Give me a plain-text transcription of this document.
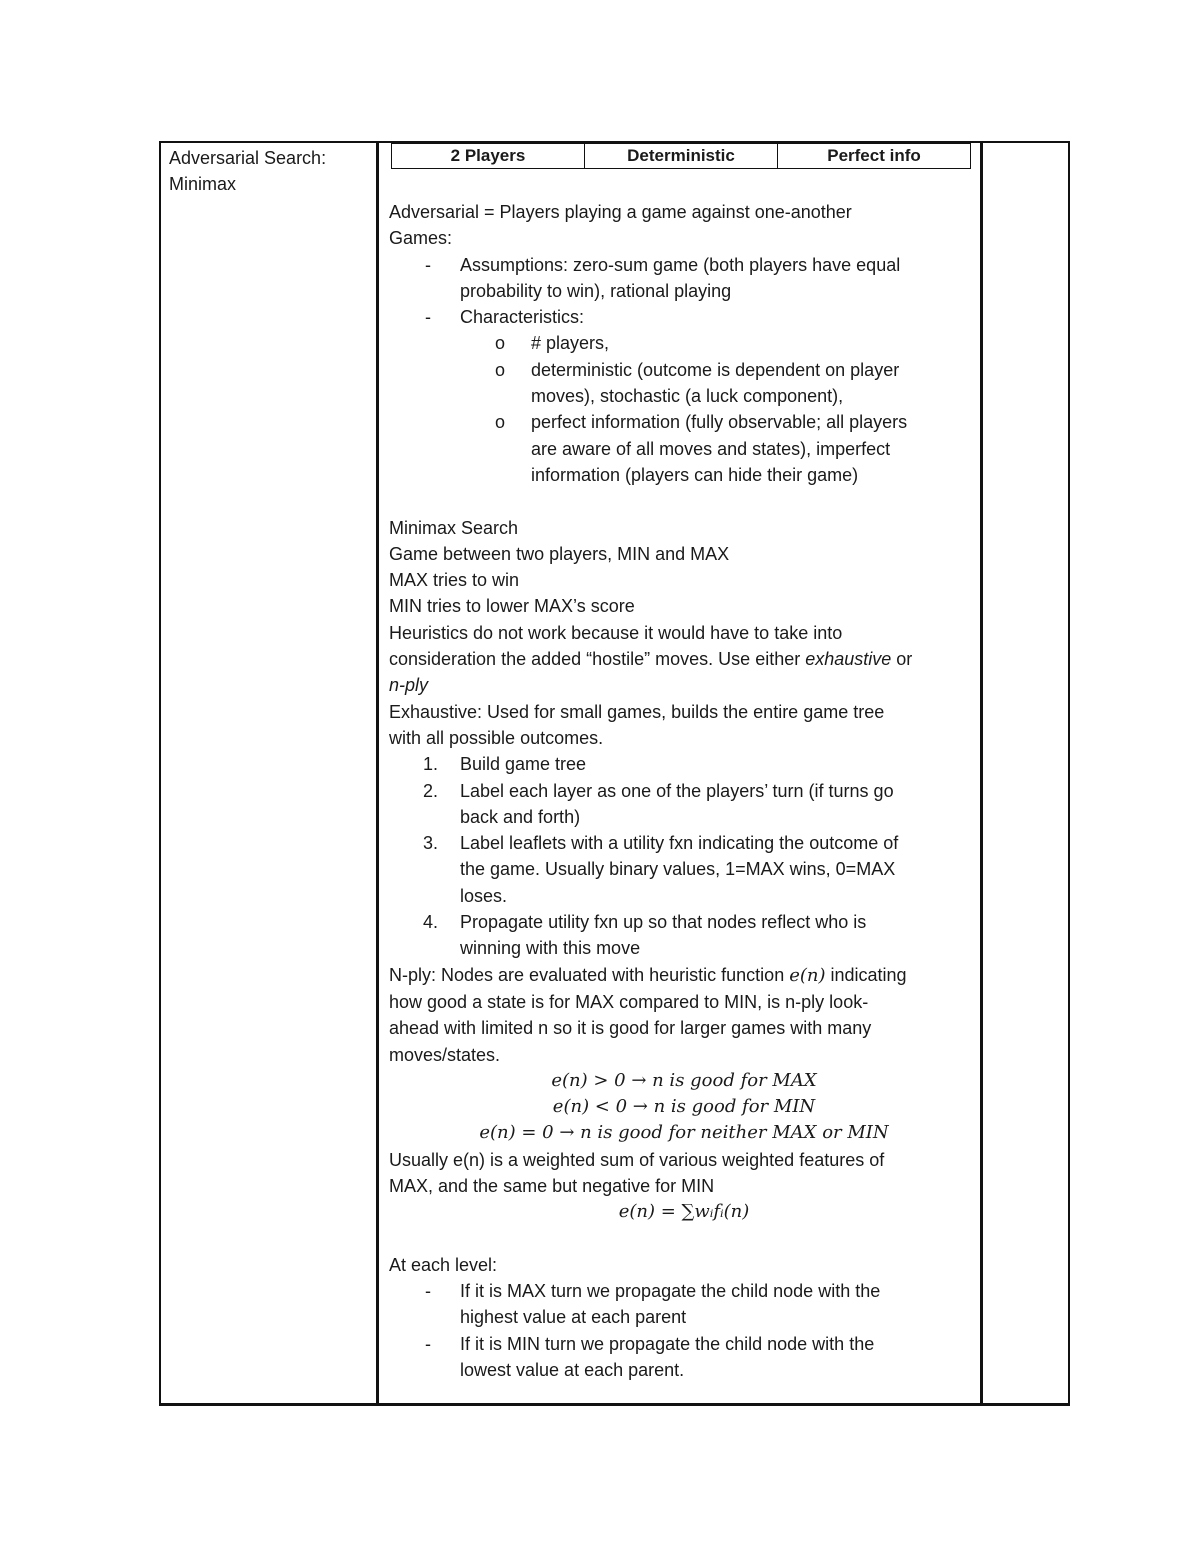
Adversarial Search:
Minimax
2 Players	Deterministic	Perfect info

Adversarial = Players playing a game against one-another

Games:

- Assumptions: zero-sum game (both players have equal

probability to win), rational playing

- Characteristics:

o # players,

o deterministic (outcome is dependent on player

moves), stochastic (a luck component),

o perfect information (fully observable; all players

are aware of all moves and states), imperfect

information (players can hide their game)

Minimax Search

Game between two players, MIN and MAX

MAX tries to win

MIN tries to lower MAX’s score

Heuristics do not work because it would have to take into

consideration the added “hostile” moves. Use either exhaustive or

n-ply

Exhaustive: Used for small games, builds the entire game tree

with all possible outcomes.

1. Build game tree

2. Label each layer as one of the players’ turn (if turns go

back and forth)

3. Label leaflets with a utility fxn indicating the outcome of

the game. Usually binary values, 1=MAX wins, 0=MAX

loses.

4. Propagate utility fxn up so that nodes reflect who is

winning with this move

N-ply: Nodes are evaluated with heuristic function e(n) indicating

how good a state is for MAX compared to MIN, is n-ply look-

ahead with limited n so it is good for larger games with many

moves/states.

e(n) > 0 → n is good for MAX

e(n) < 0 → n is good for MIN

e(n) = 0 → n is good for neither MAX or MIN

Usually e(n) is a weighted sum of various weighted features of

MAX, and the same but negative for MIN

e(n) = ∑wᵢfᵢ(n)

At each level:

- If it is MAX turn we propagate the child node with the

highest value at each parent

- If it is MIN turn we propagate the child node with the

lowest value at each parent.
